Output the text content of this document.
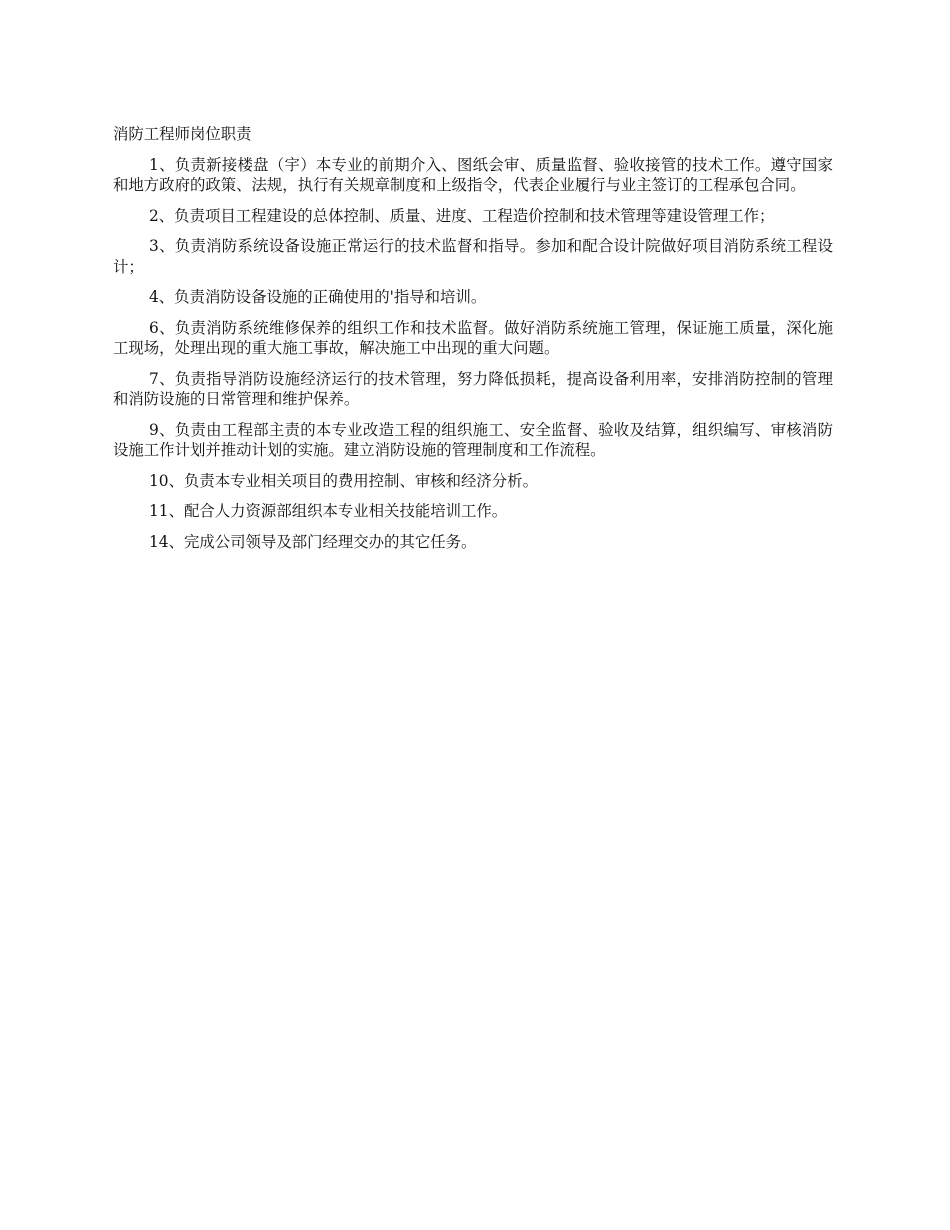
消防工程师岗位职责

1、负责新接楼盘（宇）本专业的前期介入、图纸会审、质量监督、验收接管的技术工作。遵守国家和地方政府的政策、法规，执行有关规章制度和上级指令，代表企业履行与业主签订的工程承包合同。

2、负责项目工程建设的总体控制、质量、进度、工程造价控制和技术管理等建设管理工作；

3、负责消防系统设备设施正常运行的技术监督和指导。参加和配合设计院做好项目消防系统工程设计；

4、负责消防设备设施的正确使用的'指导和培训。

6、负责消防系统维修保养的组织工作和技术监督。做好消防系统施工管理，保证施工质量，深化施工现场，处理出现的重大施工事故，解决施工中出现的重大问题。

7、负责指导消防设施经济运行的技术管理，努力降低损耗，提高设备利用率，安排消防控制的管理和消防设施的日常管理和维护保养。

9、负责由工程部主责的本专业改造工程的组织施工、安全监督、验收及结算，组织编写、审核消防设施工作计划并推动计划的实施。建立消防设施的管理制度和工作流程。

10、负责本专业相关项目的费用控制、审核和经济分析。

11、配合人力资源部组织本专业相关技能培训工作。

14、完成公司领导及部门经理交办的其它任务。
